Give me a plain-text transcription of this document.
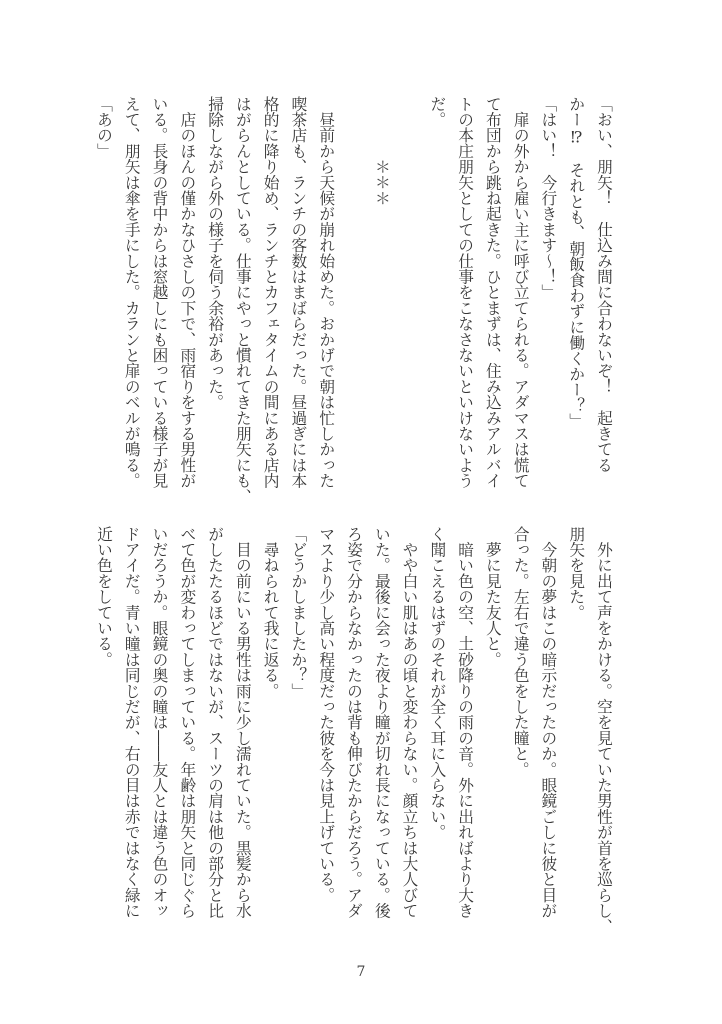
「おい、朋矢！　仕込み間に合わないぞ！　起きてる
かー⁉　それとも、朝飯食わずに働くかー？」
「はい！　今行きます〜！」
　扉の外から雇い主に呼び立てられる。アダマスは慌て
て布団から跳ね起きた。ひとまずは、住み込みアルバイ
トの本庄朋矢としての仕事をこなさないといけないよう
だ。
　　　　＊＊＊
　昼前から天候が崩れ始めた。おかげで朝は忙しかった
喫茶店も、ランチの客数はまばらだった。昼過ぎには本
格的に降り始め、ランチとカフェタイムの間にある店内
はがらんとしている。仕事にやっと慣れてきた朋矢にも、
掃除しながら外の様子を伺う余裕があった。
　店のほんの僅かなひさしの下で、雨宿りをする男性が
いる。長身の背中からは窓越しにも困っている様子が見
えて、朋矢は傘を手にした。カランと扉のベルが鳴る。
「あの」
　外に出て声をかける。空を見ていた男性が首を巡らし、
朋矢を見た。
　今朝の夢はこの暗示だったのか。眼鏡ごしに彼と目が
合った。左右で違う色をした瞳と。
　夢に見た友人と。
　暗い色の空、土砂降りの雨の音。外に出ればより大き
く聞こえるはずのそれが全く耳に入らない。
　やや白い肌はあの頃と変わらない。顔立ちは大人びて
いた。最後に会った夜より瞳が切れ長になっている。後
ろ姿で分からなかったのは背も伸びたからだろう。アダ
マスより少し高い程度だった彼を今は見上げている。
「どうかしましたか？」
　尋ねられて我に返る。
　目の前にいる男性は雨に少し濡れていた。黒髪から水
がしたたるほどではないが、スーツの肩は他の部分と比
べて色が変わってしまっている。年齢は朋矢と同じぐら
いだろうか。眼鏡の奥の瞳は――友人とは違う色のオッ
ドアイだ。青い瞳は同じだが、右の目は赤ではなく緑に
近い色をしている。
7
